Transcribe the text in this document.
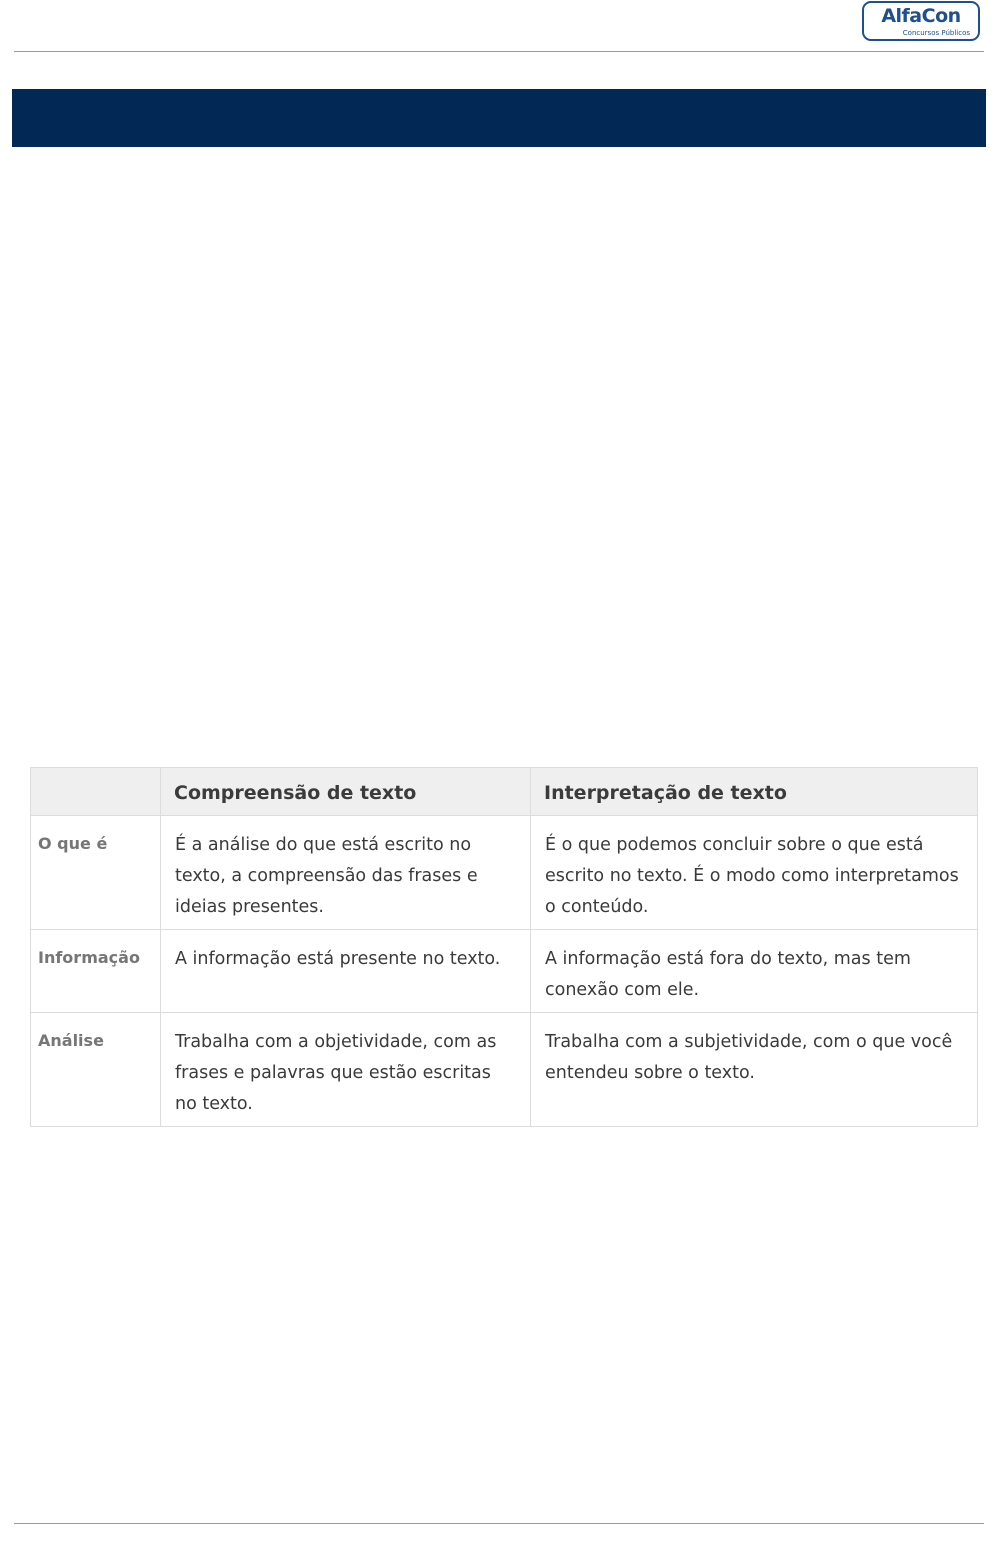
AlfaCon
Concursos Públicos
	Compreensão de texto	Interpretação de texto
O que é	É a análise do que está escrito no texto, a compreensão das frases e ideias presentes.	É o que podemos concluir sobre o que está escrito no texto. É o modo como interpretamos o conteúdo.
Informação	A informação está presente no texto.	A informação está fora do texto, mas tem conexão com ele.
Análise	Trabalha com a objetividade, com as frases e palavras que estão escritas no texto.	Trabalha com a subjetividade, com o que você entendeu sobre o texto.
